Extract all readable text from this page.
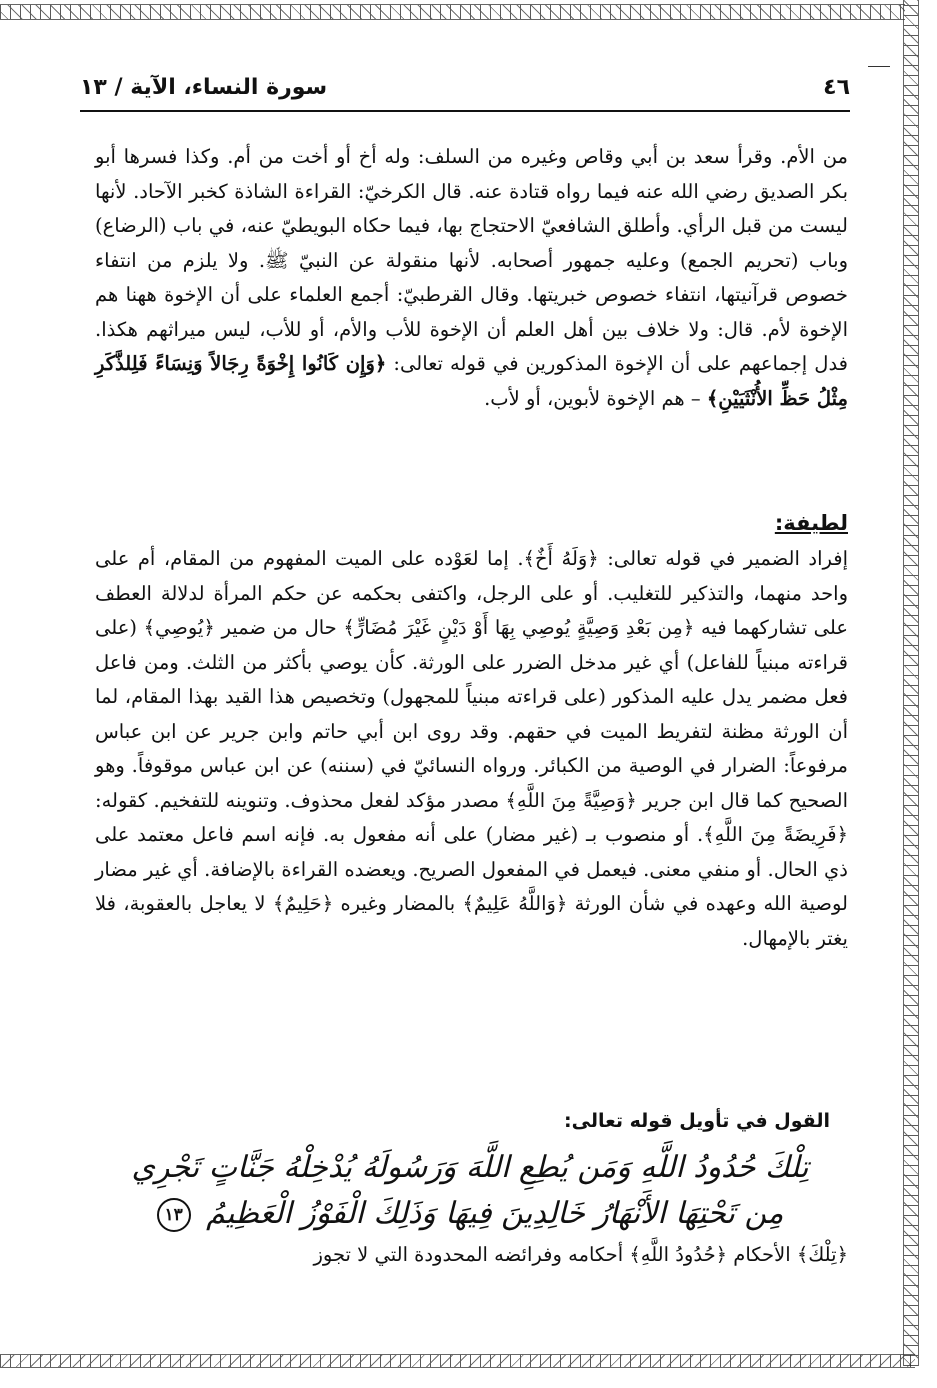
٤٦
سورة النساء، الآية / ١٣

من الأم. وقرأ سعد بن أبي وقاص وغيره من السلف: وله أخ أو أخت من أم. وكذا فسرها أبو بكر الصديق رضي الله عنه فيما رواه قتادة عنه. قال الكرخيّ: القراءة الشاذة كخبر الآحاد. لأنها ليست من قبل الرأي. وأطلق الشافعيّ الاحتجاج بها، فيما حكاه البويطيّ عنه، في باب (الرضاع) وباب (تحريم الجمع) وعليه جمهور أصحابه. لأنها منقولة عن النبيّ ﷺ. ولا يلزم من انتفاء خصوص قرآنيتها، انتفاء خصوص خبريتها. وقال القرطبيّ: أجمع العلماء على أن الإخوة ههنا هم الإخوة لأم. قال: ولا خلاف بين أهل العلم أن الإخوة للأب والأم، أو للأب، ليس ميراثهم هكذا. فدل إجماعهم على أن الإخوة المذكورين في قوله تعالى: ﴿وَإِن كَانُوا إِخْوَةً رِجَالاً وَنِسَاءً فَلِلذَّكَرِ مِثْلُ حَظِّ الأُنْثَيَيْنِ﴾ – هم الإخوة لأبوين، أو لأب.

لطيفة:

إفراد الضمير في قوله تعالى: ﴿وَلَهُ أَخٌ﴾. إما لعَوْده على الميت المفهوم من المقام، أم على واحد منهما، والتذكير للتغليب. أو على الرجل، واكتفى بحكمه عن حكم المرأة لدلالة العطف على تشاركهما فيه ﴿مِن بَعْدِ وَصِيَّةٍ يُوصِي بِهَا أَوْ دَيْنٍ غَيْرَ مُضَارٍّ﴾ حال من ضمير ﴿يُوصِي﴾ (على قراءته مبنياً للفاعل) أي غير مدخل الضرر على الورثة. كأن يوصي بأكثر من الثلث. ومن فاعل فعل مضمر يدل عليه المذكور (على قراءته مبنياً للمجهول) وتخصيص هذا القيد بهذا المقام، لما أن الورثة مظنة لتفريط الميت في حقهم. وقد روى ابن أبي حاتم وابن جرير عن ابن عباس مرفوعاً: الضرار في الوصية من الكبائر. ورواه النسائيّ في (سننه) عن ابن عباس موقوفاً. وهو الصحيح كما قال ابن جرير ﴿وَصِيَّةً مِنَ اللَّهِ﴾ مصدر مؤكد لفعل محذوف. وتنوينه للتفخيم. كقوله: ﴿فَرِيضَةً مِنَ اللَّهِ﴾. أو منصوب بـ (غير مضار) على أنه مفعول به. فإنه اسم فاعل معتمد على ذي الحال. أو منفي معنى. فيعمل في المفعول الصريح. ويعضده القراءة بالإضافة. أي غير مضار لوصية الله وعهده في شأن الورثة ﴿وَاللَّهُ عَلِيمٌ﴾ بالمضار وغيره ﴿حَلِيمٌ﴾ لا يعاجل بالعقوبة، فلا يغتر بالإمهال.

القول في تأويل قوله تعالى:
تِلْكَ حُدُودُ اللَّهِ وَمَن يُطِعِ اللَّهَ وَرَسُولَهُ يُدْخِلْهُ جَنَّاتٍ تَجْرِي
مِن تَحْتِهَا الأَنْهَارُ خَالِدِينَ فِيهَا وَذَلِكَ الْفَوْزُ الْعَظِيمُ ١٣

﴿تِلْكَ﴾ الأحكام ﴿حُدُودُ اللَّهِ﴾ أحكامه وفرائضه المحدودة التي لا تجوز
